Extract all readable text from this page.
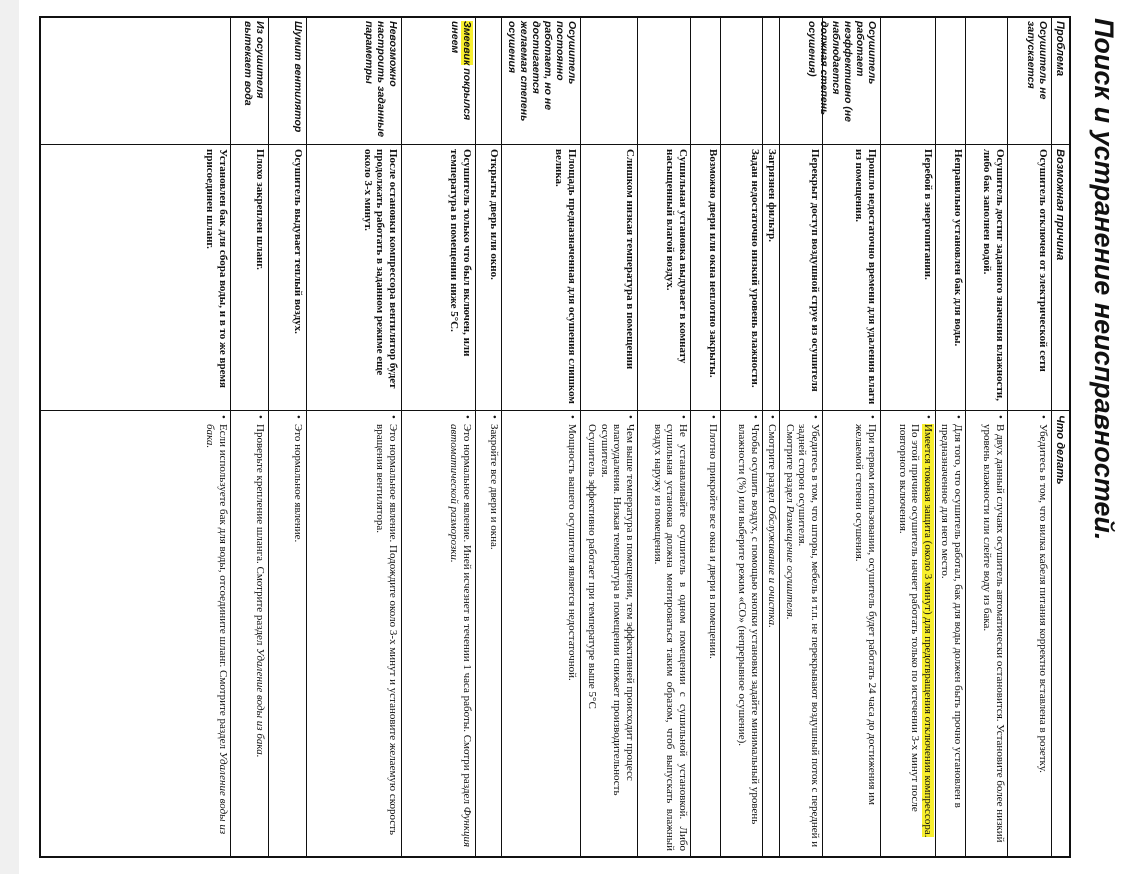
Поиск и устранение неисправностей.
Проблема
Возможная причина
Что делать
Осушитель не запускается
Осушитель отключен от электрической сети

• Убедитесь в том, что вилка кабеля питания корректно вставлена в розетку.

Осушитель достиг заданного значения влажности, либо бак заполнен водой.

• В двух данный случаях осушитель автоматически остановится. Установите более низкий уровень влажности или слейте воду из бака.

Неправильно установлен бак для воды.

• Для того, что осушитель работал, бак для воды должен быть прочно установлен в предназначенное для него место.

Перебой в энергопитании.

• Имеется токовая защита (около 3 минут) для предотвращения отключения компрессора. По этой причине осушитель начнет работать только по истечении 3-х минут после повторного включения.

Осушитель работает неэффективно (не наблюдается должная степень осушения)
Прошло недостаточно времени для удаления влаги из помещения.

• При первом использовании, осушитель будет работать 24 часа до достижения им желаемой степени осушения.

Перекрыт доступ воздушной струе из осушителя

• Убедитесь в том, что шторы, мебель и т.п. не перекрывают воздушный поток с передней и задней сторон осушителя.

Смотрите раздел Размещение осушителя.
Загрязнен фильтр.

• Смотрите раздел Обслуживание и очистка.

Задан недостаточно низкий уровень влажности.

• Чтобы осушить воздух, с помощью кнопки установки задайте минимальный уровень влажности (%) или выберите режим «CO» (непрерывное осушение).

Возможно двери или окна неплотно закрыты.

• Плотно прикройте все окна и двери в помещении.

Сушильная установка выдувает в комнату насыщенный влагой воздух.

• Не устанавливайте осушитель в одном помещении с сушильной установкой. Либо сушильная установка должна монтироваться таким образом, чтоб выпускать влажный воздух наружу из помещения.

Слишком низкая температура в помещении

• Чем выше температура в помещении, тем эффективней происходит процесс влагоудаления. Низкая температура в помещении снижает производительность осушителя.

Осушитель эффективно работает при температуре выше 5°С
Осушитель постоянно работает, но не достигается желаемая степень осушения
Площадь предназначенная для осушения слишком велика.

• Мощность вашего осушителя является недостаточной.

Открыты дверь или окно.

• Закройте все двери и окна.

Змеевик покрылся инеем
Осушитель только что был включен, или температура в помещении ниже 5°С.

• Это нормальное явление. Иней исчезнет в течении 1 часа работы. Смотри раздел Функция автоматической разморозки.

Невозможно настроить заданные параметры
После остановки компрессора вентилятор будет продолжать работать в заданном режиме еще около 3-х минут.

• Это нормальное явление. Подождите около 3-х минут и установите желаемую скорость вращения вентилятора.

Шумит вентилятор
Осушитель выдувает теплый воздух.

• Это нормальное явление.

Из осушителя вытекает вода
Плохо закреплен шланг.

• Проверьте крепление шланга. Смотрите раздел Удаление воды из бака.

Установлен бак для сбора воды, и в то же время присоединен шланг.

• Если используете бак для воды, отсоедините шланг. Смотрите раздел Удаление воды из бака.
